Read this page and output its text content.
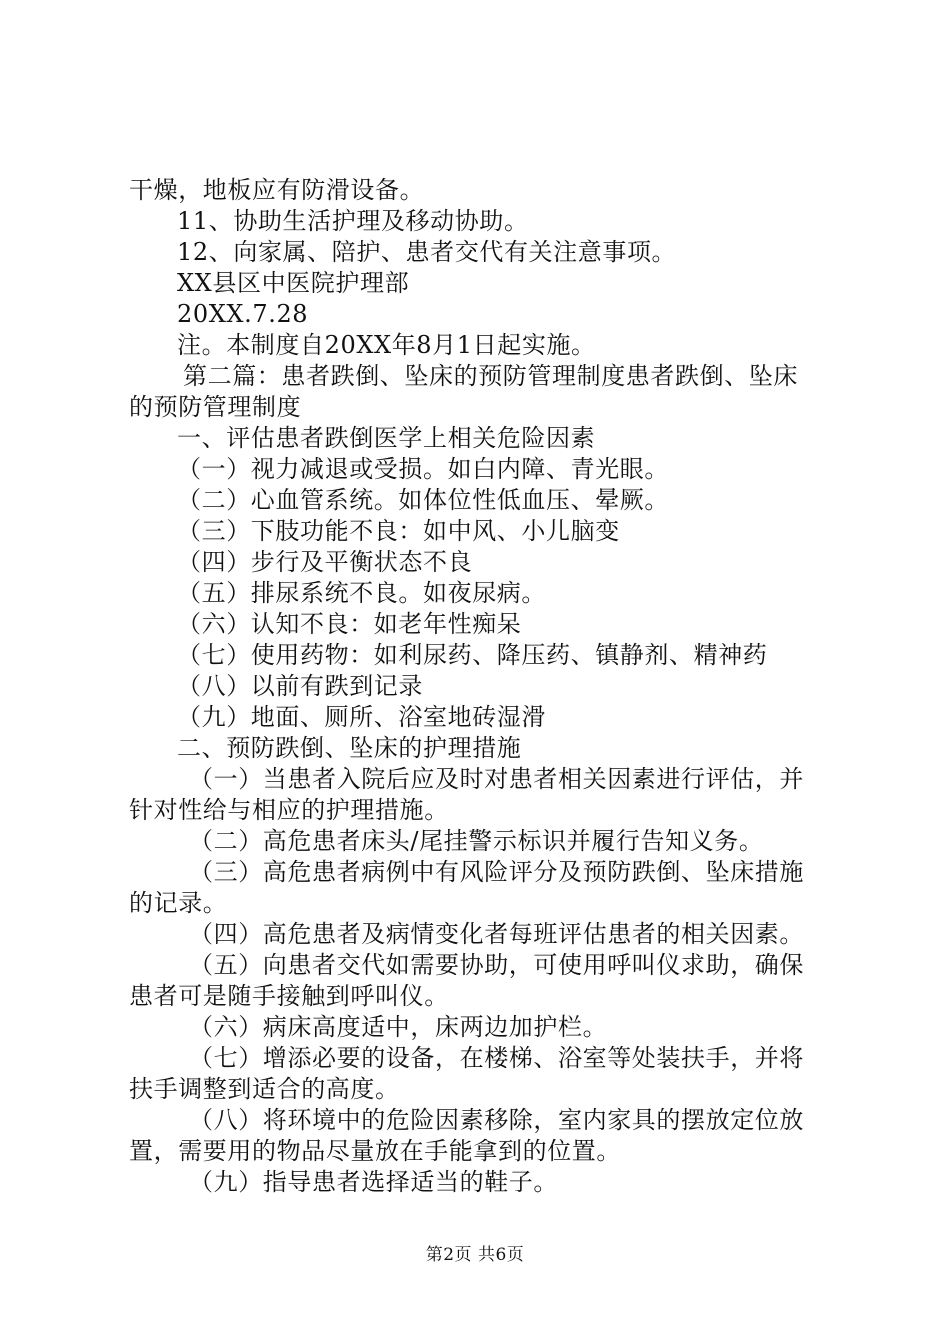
干燥，地板应有防滑设备。
11、协助生活护理及移动协助。
12、向家属、陪护、患者交代有关注意事项。
XX县区中医院护理部
20XX.7.28
注。本制度自20XX年8月1日起实施。
第二篇：患者跌倒、坠床的预防管理制度患者跌倒、坠床
的预防管理制度
一、评估患者跌倒医学上相关危险因素
（一）视力减退或受损。如白内障、青光眼。
（二）心血管系统。如体位性低血压、晕厥。
（三）下肢功能不良：如中风、小儿脑变
（四）步行及平衡状态不良
（五）排尿系统不良。如夜尿病。
（六）认知不良：如老年性痴呆
（七）使用药物：如利尿药、降压药、镇静剂、精神药
（八）以前有跌到记录
（九）地面、厕所、浴室地砖湿滑
二、预防跌倒、坠床的护理措施
（一）当患者入院后应及时对患者相关因素进行评估，并
针对性给与相应的护理措施。
（二）高危患者床头/尾挂警示标识并履行告知义务。
（三）高危患者病例中有风险评分及预防跌倒、坠床措施
的记录。
（四）高危患者及病情变化者每班评估患者的相关因素。
（五）向患者交代如需要协助，可使用呼叫仪求助，确保
患者可是随手接触到呼叫仪。
（六）病床高度适中，床两边加护栏。
（七）增添必要的设备，在楼梯、浴室等处装扶手，并将
扶手调整到适合的高度。
（八）将环境中的危险因素移除，室内家具的摆放定位放
置，需要用的物品尽量放在手能拿到的位置。
（九）指导患者选择适当的鞋子。
第2页 共6页
